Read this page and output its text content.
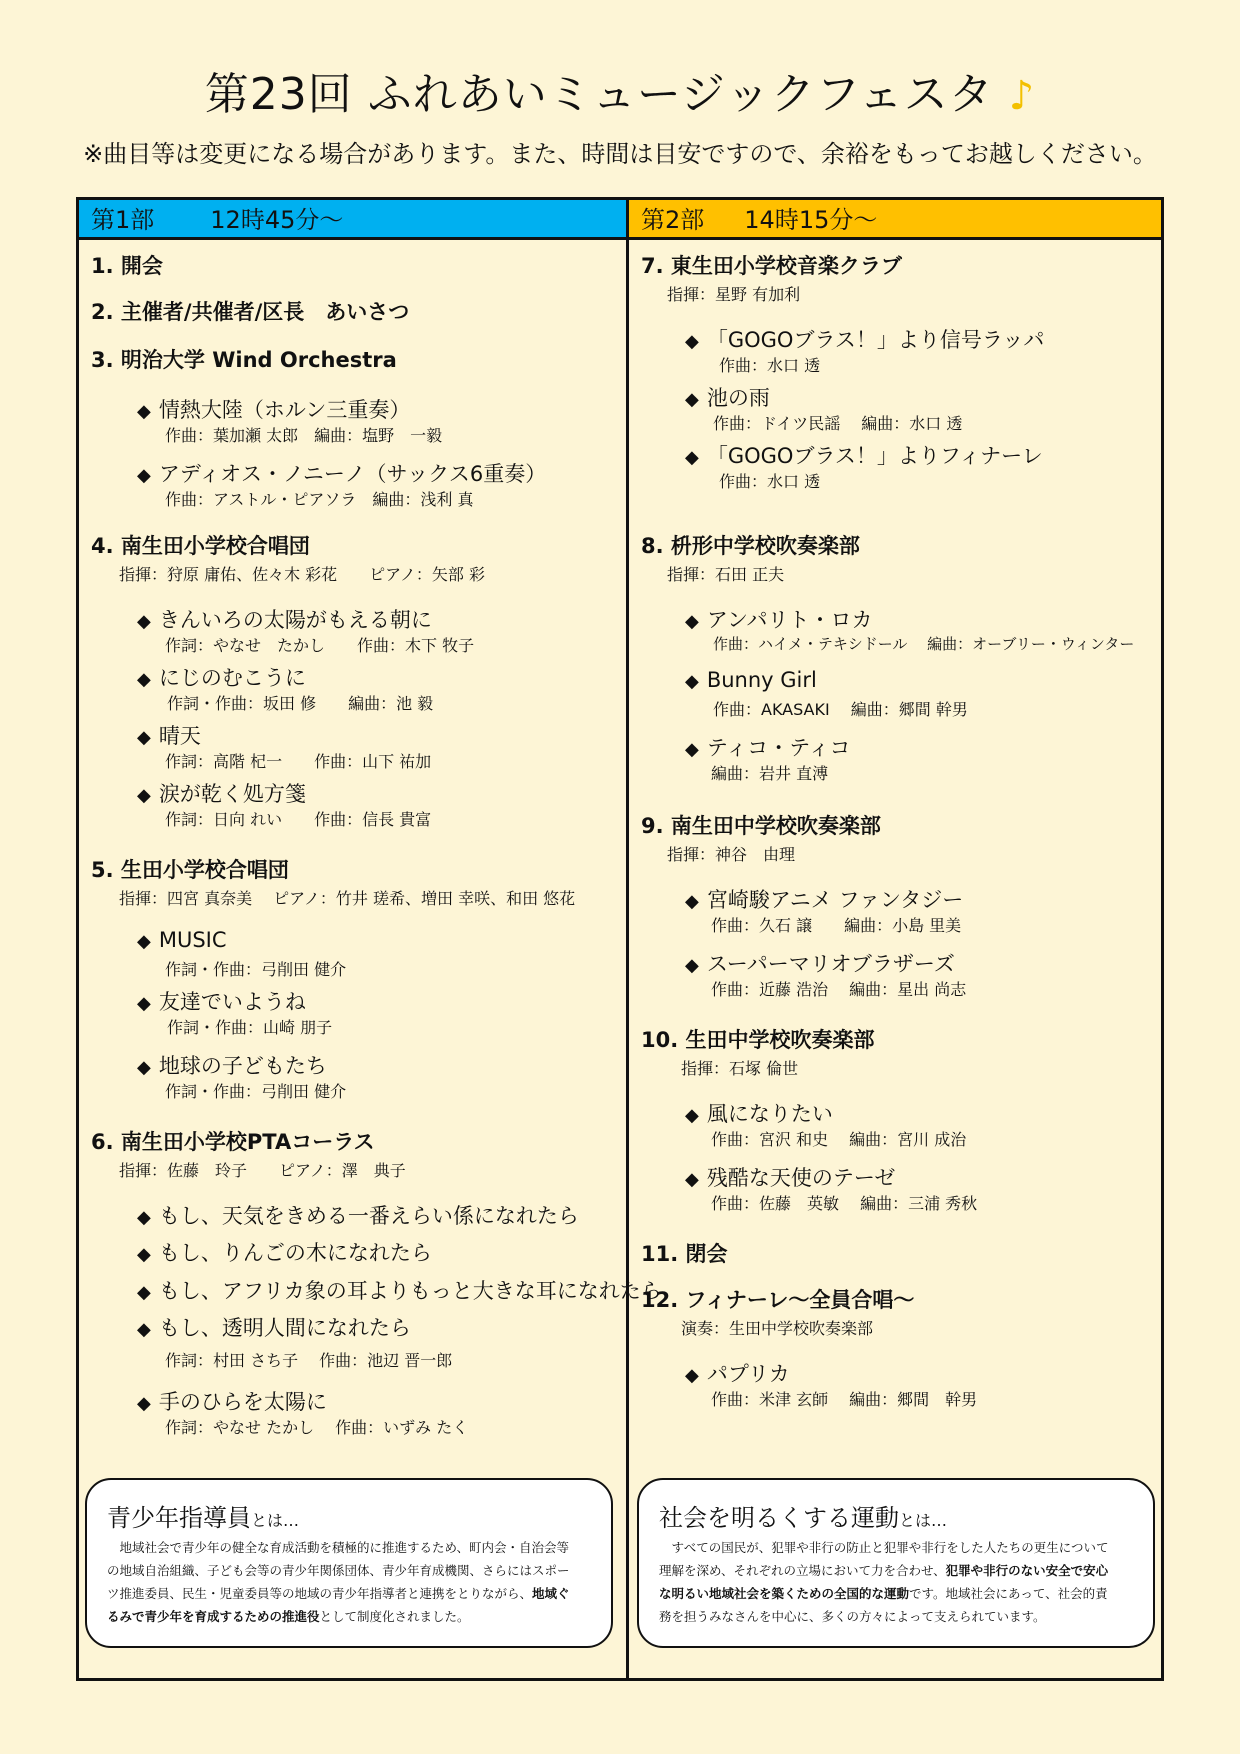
第23回 ふれあいミュージックフェスタ ♪
※曲目等は変更になる場合があります。また、時間は目安ですので、余裕をもってお越しください。
第1部 12時45分～
1. 開会
2. 主催者/共催者/区長　あいさつ
3. 明治大学 Wind Orchestra
◆ 情熱大陸（ホルン三重奏）
作曲：葉加瀬 太郎　編曲：塩野　一毅
◆ アディオス・ノニーノ（サックス6重奏）
作曲：アストル・ピアソラ　編曲：浅利 真
4. 南生田小学校合唱団
指揮：狩原 庸佑、佐々木 彩花　　ピアノ：矢部 彩
◆ きんいろの太陽がもえる朝に
作詞：やなせ　たかし　　作曲：木下 牧子
◆ にじのむこうに
作詞・作曲：坂田 修　　編曲：池 毅
◆ 晴天
作詞：高階 杞一　　作曲：山下 祐加
◆ 涙が乾く処方箋
作詞：日向 れい　　作曲：信長 貴富
5. 生田小学校合唱団
指揮：四宮 真奈美　 ピアノ：竹井 瑳希、増田 幸咲、和田 悠花
◆ MUSIC
作詞・作曲：弓削田 健介
◆ 友達でいようね
作詞・作曲：山崎 朋子
◆ 地球の子どもたち
作詞・作曲：弓削田 健介
6. 南生田小学校PTAコーラス
指揮：佐藤　玲子　　ピアノ：澤　典子
◆ もし、天気をきめる一番えらい係になれたら
◆ もし、りんごの木になれたら
◆ もし、アフリカ象の耳よりもっと大きな耳になれたら
◆ もし、透明人間になれたら
作詞：村田 さち子　 作曲：池辺 晋一郎
◆ 手のひらを太陽に
作詞：やなせ たかし　 作曲：いずみ たく
青少年指導員とは…
地域社会で青少年の健全な育成活動を積極的に推進するため、町内会・自治会等
の地域自治組織、子ども会等の青少年関係団体、青少年育成機関、さらにはスポー
ツ推進委員、民生・児童委員等の地域の青少年指導者と連携をとりながら、地域ぐ
るみで青少年を育成するための推進役として制度化されました。
第2部 14時15分～
7. 東生田小学校音楽クラブ
指揮：星野 有加利
◆ 「GOGOブラス！」より信号ラッパ
作曲：水口 透
◆ 池の雨
作曲：ドイツ民謡　 編曲：水口 透
◆ 「GOGOブラス！」よりフィナーレ
作曲：水口 透
8. 枡形中学校吹奏楽部
指揮：石田 正夫
◆ アンパリト・ロカ
作曲：ハイメ・テキシドール　 編曲：オーブリー・ウィンター
◆ Bunny Girl
作曲：AKASAKI　 編曲：郷間 幹男
◆ ティコ・ティコ
編曲：岩井 直溥
9. 南生田中学校吹奏楽部
指揮：神谷　由理
◆ 宮崎駿アニメ ファンタジー
作曲：久石 譲　　編曲：小島 里美
◆ スーパーマリオブラザーズ
作曲：近藤 浩治　 編曲：星出 尚志
10. 生田中学校吹奏楽部
指揮：石塚 倫世
◆ 風になりたい
作曲：宮沢 和史　 編曲：宮川 成治
◆ 残酷な天使のテーゼ
作曲：佐藤　英敏　 編曲：三浦 秀秋
11. 閉会
12. フィナーレ～全員合唱～
演奏：生田中学校吹奏楽部
◆ パプリカ
作曲：米津 玄師　 編曲：郷間　幹男
社会を明るくする運動とは…
すべての国民が、犯罪や非行の防止と犯罪や非行をした人たちの更生について
理解を深め、それぞれの立場において力を合わせ、犯罪や非行のない安全で安心
な明るい地域社会を築くための全国的な運動です。地域社会にあって、社会的責
務を担うみなさんを中心に、多くの方々によって支えられています。
